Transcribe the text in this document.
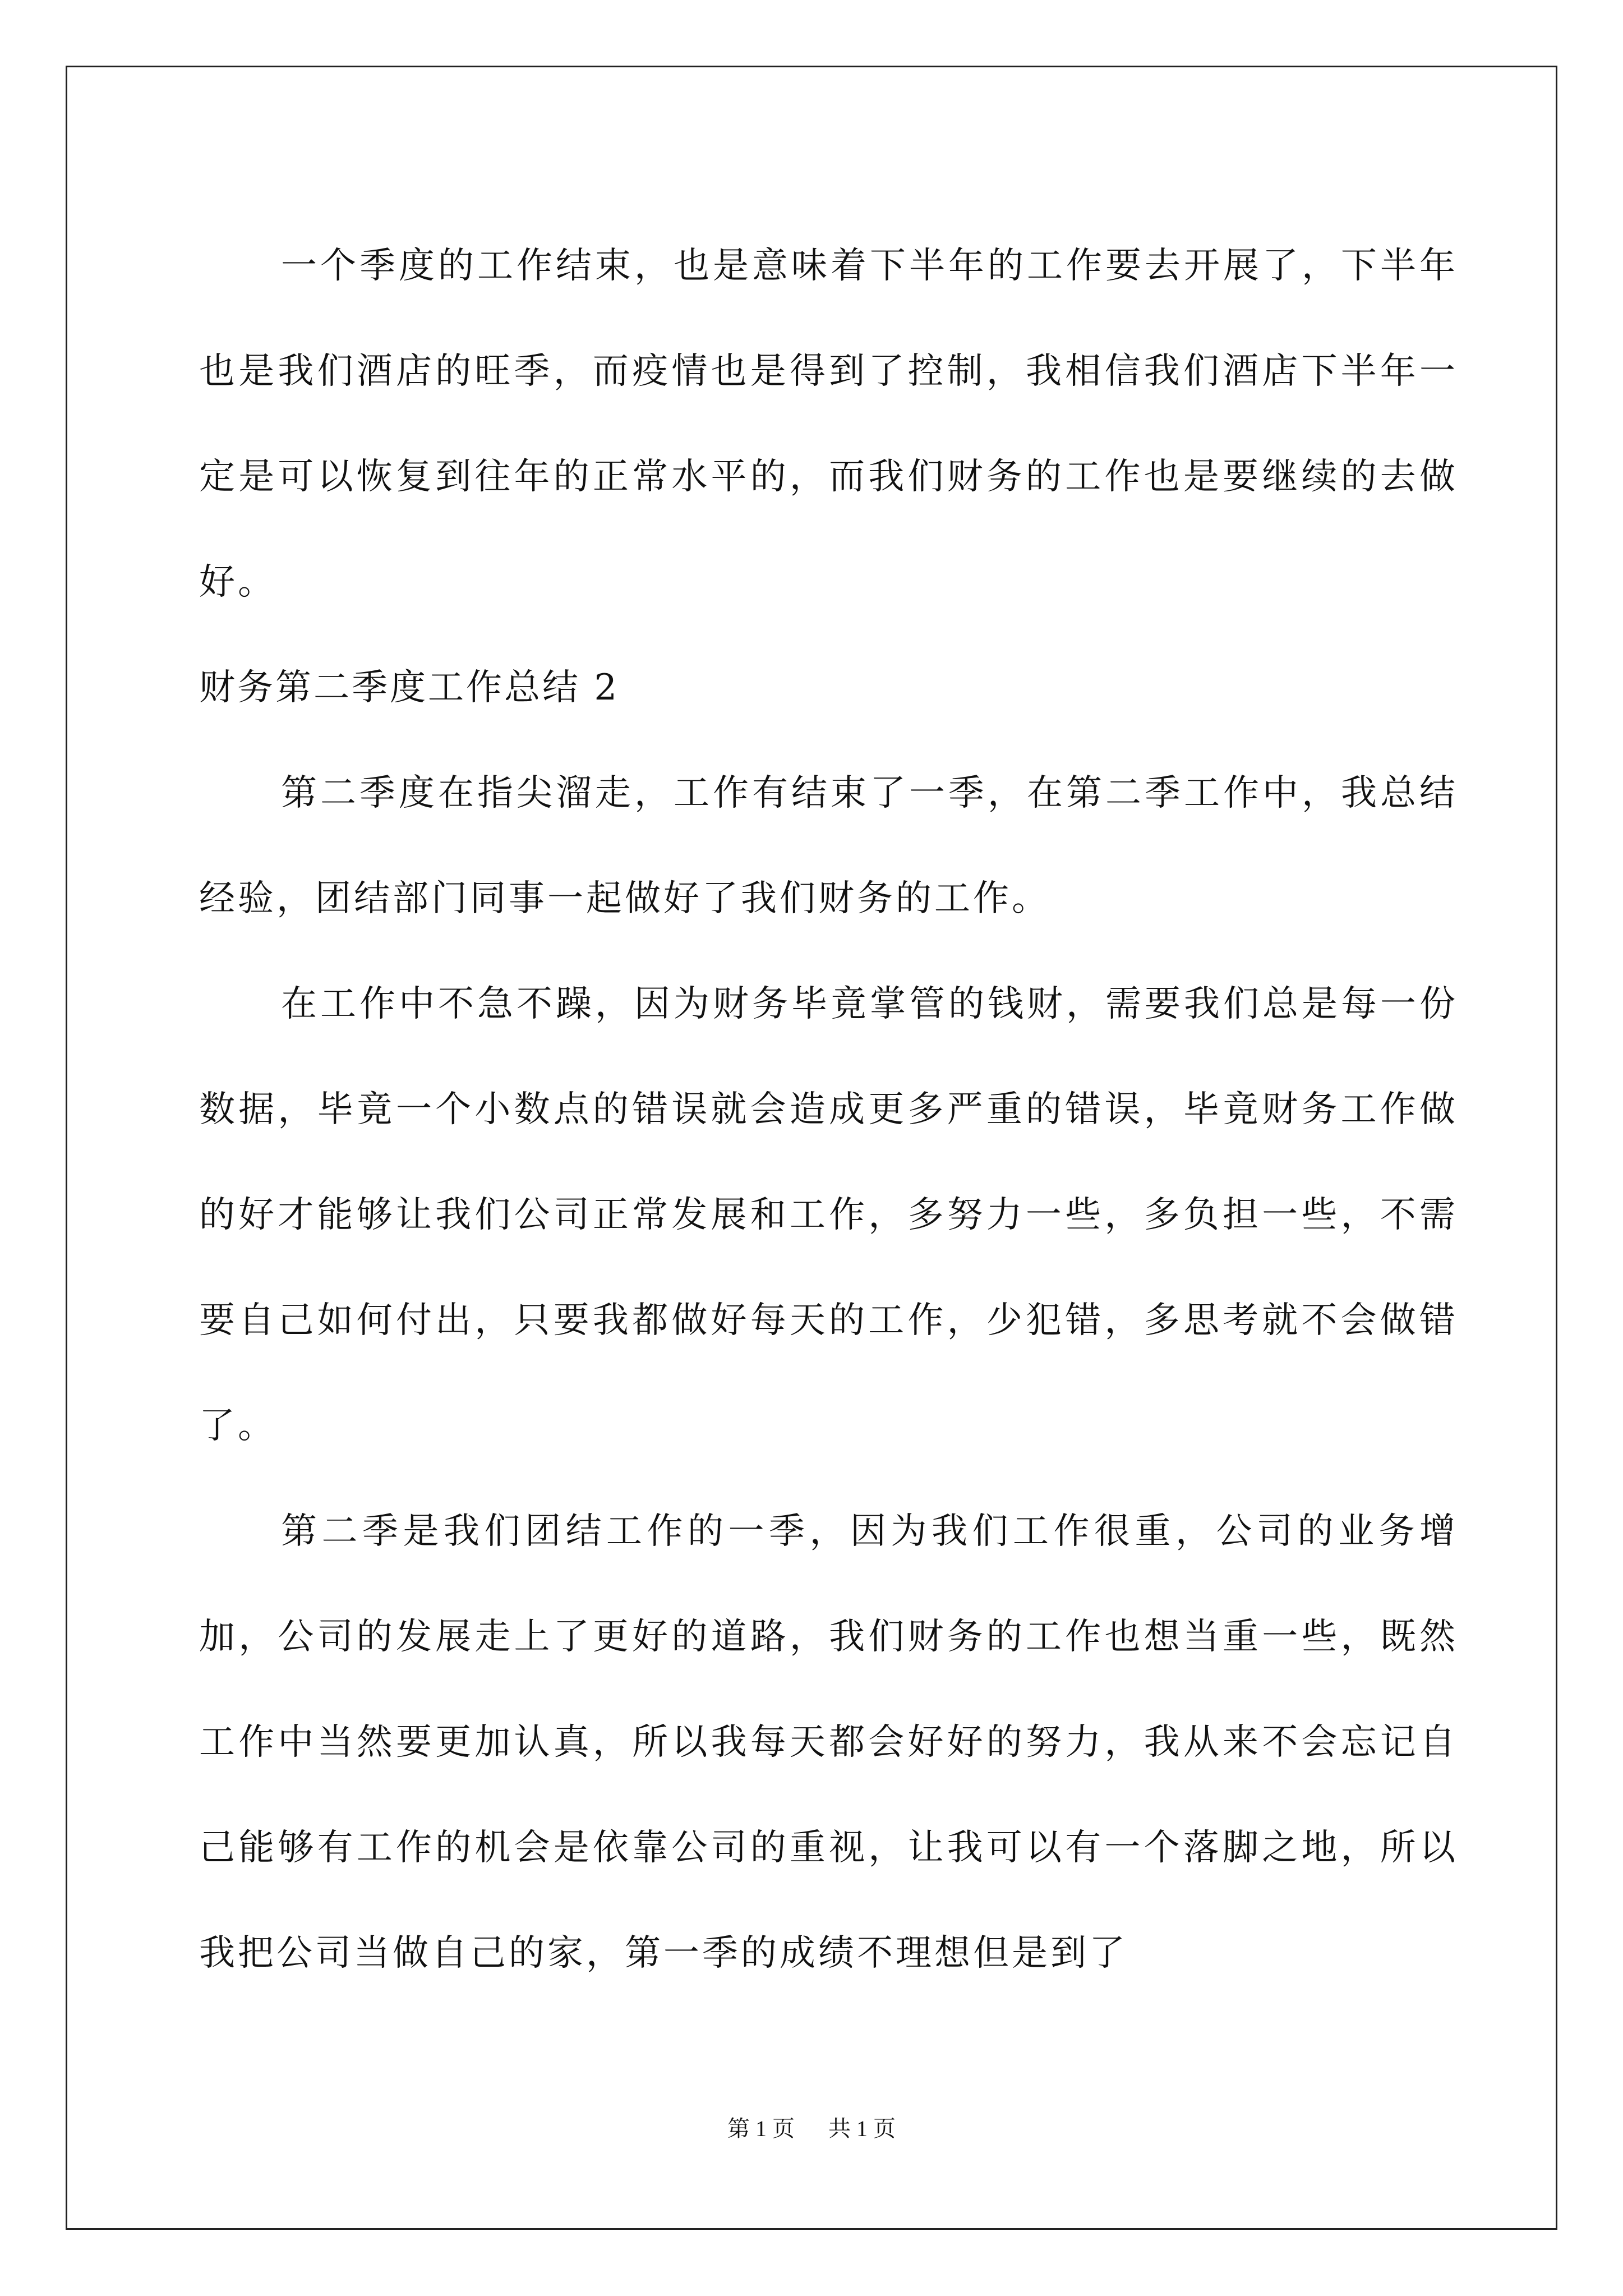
一个季度的工作结束，也是意味着下半年的工作要去开展了，下半年也是我们酒店的旺季，而疫情也是得到了控制，我相信我们酒店下半年一定是可以恢复到往年的正常水平的，而我们财务的工作也是要继续的去做好。

财务第二季度工作总结 2

第二季度在指尖溜走，工作有结束了一季，在第二季工作中，我总结经验，团结部门同事一起做好了我们财务的工作。

在工作中不急不躁，因为财务毕竟掌管的钱财，需要我们总是每一份数据，毕竟一个小数点的错误就会造成更多严重的错误，毕竟财务工作做的好才能够让我们公司正常发展和工作，多努力一些，多负担一些，不需要自己如何付出，只要我都做好每天的工作，少犯错，多思考就不会做错了。

第二季是我们团结工作的一季，因为我们工作很重，公司的业务增加，公司的发展走上了更好的道路，我们财务的工作也想当重一些，既然工作中当然要更加认真，所以我每天都会好好的努力，我从来不会忘记自己能够有工作的机会是依靠公司的重视，让我可以有一个落脚之地，所以我把公司当做自己的家，第一季的成绩不理想但是到了

第 1 页 共 1 页
